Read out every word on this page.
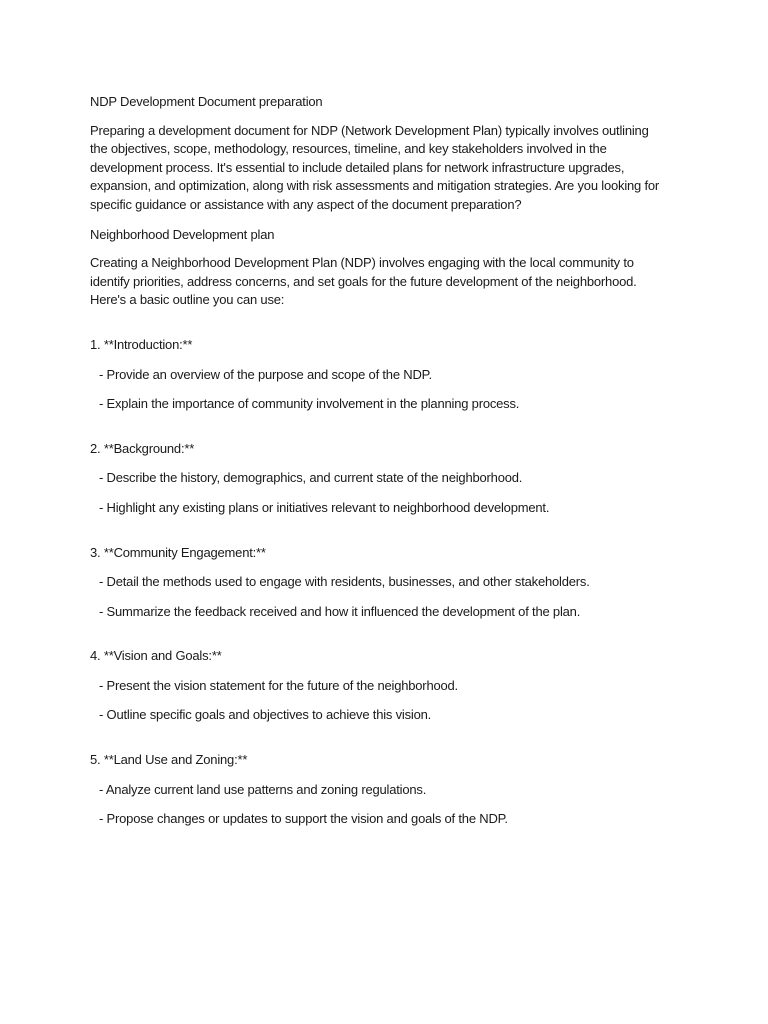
NDP Development Document preparation
Preparing a development document for NDP (Network Development Plan) typically involves outlining
the objectives, scope, methodology, resources, timeline, and key stakeholders involved in the
development process. It's essential to include detailed plans for network infrastructure upgrades,
expansion, and optimization, along with risk assessments and mitigation strategies. Are you looking for
specific guidance or assistance with any aspect of the document preparation?
Neighborhood Development plan
Creating a Neighborhood Development Plan (NDP) involves engaging with the local community to
identify priorities, address concerns, and set goals for the future development of the neighborhood.
Here's a basic outline you can use:
1. **Introduction:**
- Provide an overview of the purpose and scope of the NDP.
- Explain the importance of community involvement in the planning process.
2. **Background:**
- Describe the history, demographics, and current state of the neighborhood.
- Highlight any existing plans or initiatives relevant to neighborhood development.
3. **Community Engagement:**
- Detail the methods used to engage with residents, businesses, and other stakeholders.
- Summarize the feedback received and how it influenced the development of the plan.
4. **Vision and Goals:**
- Present the vision statement for the future of the neighborhood.
- Outline specific goals and objectives to achieve this vision.
5. **Land Use and Zoning:**
- Analyze current land use patterns and zoning regulations.
- Propose changes or updates to support the vision and goals of the NDP.
